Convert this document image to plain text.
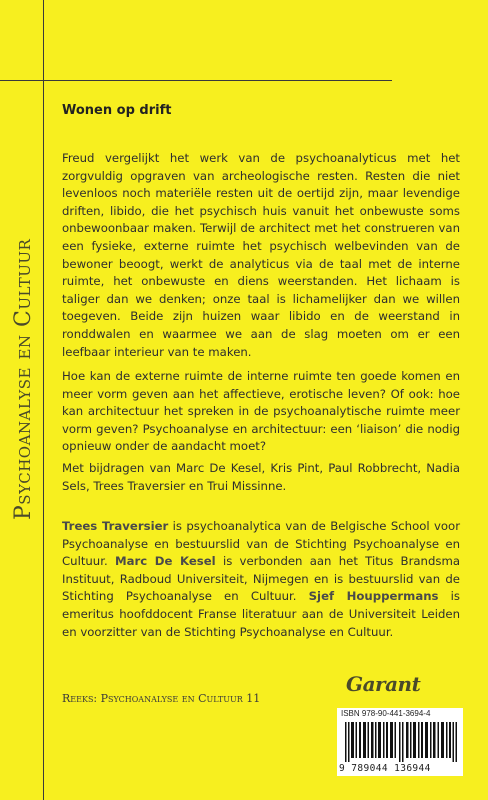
Psychoanalyse en Cultuur
Wonen op drift

Freud vergelijkt het werk van de psychoanalyticus met het zorgvuldig opgraven van archeologische resten. Resten die niet levenloos noch materiële resten uit de oertijd zijn, maar levendige driften, libido, die het psychisch huis vanuit het onbewuste soms onbewoonbaar maken. Terwijl de architect met het construeren van een fysieke, externe ruimte het psychisch welbevinden van de bewoner beoogt, werkt de analyticus via de taal met de interne ruimte, het onbewuste en diens weerstanden. Het lichaam is taliger dan we denken; onze taal is lichamelijker dan we willen toegeven. Beide zijn huizen waar libido en de weerstand in ronddwalen en waarmee we aan de slag moeten om er een leefbaar interieur van te maken.

Hoe kan de externe ruimte de interne ruimte ten goede komen en meer vorm geven aan het affectieve, erotische leven? Of ook: hoe kan architectuur het spreken in de psychoanalytische ruimte meer vorm geven? Psychoanalyse en architectuur: een ‘liaison’ die nodig opnieuw onder de aandacht moet?

Met bijdragen van Marc De Kesel, Kris Pint, Paul Robbrecht, Nadia Sels, Trees Traversier en Trui Missinne.

Trees Traversier is psychoanalytica van de Belgische School voor Psychoanalyse en bestuurslid van de Stichting Psychoanalyse en Cultuur. Marc De Kesel is verbonden aan het Titus Brandsma Instituut, Radboud Universiteit, Nijmegen en is bestuurslid van de Stichting Psychoanalyse en Cultuur. Sjef Houppermans is emeritus hoofddocent Franse literatuur aan de Universiteit Leiden en voorzitter van de Stichting Psychoanalyse en Cultuur.

Reeks: Psychoanalyse en Cultuur 11
Garant
ISBN 978-90-441-3694-4
9 789044 136944
